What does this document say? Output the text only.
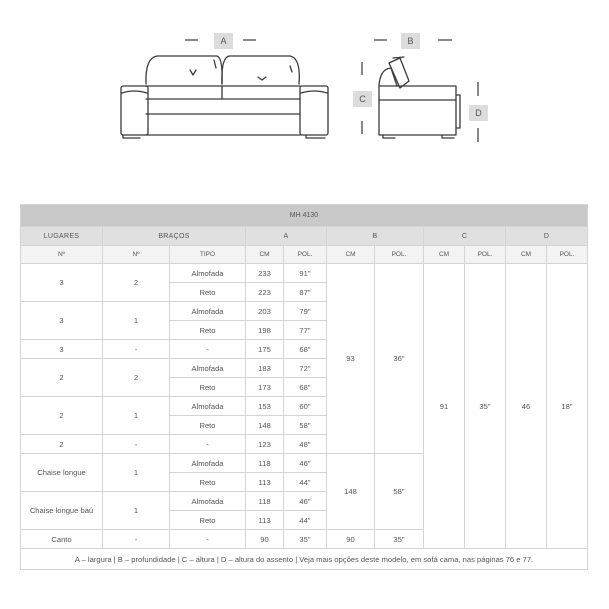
A	B
C
D
MH 4130										
LUGARES	BRAÇOS		A		B		C		D	
Nº	Nº	TIPO	CM	POL.	CM	POL.	CM	POL.	CM	POL.
3	2	Almofada	233	91"	93	36"	91	35"	46	18"
		Reto	223	87"						
3	1	Almofada	203	79"						
		Reto	198	77"						
3	-	-	175	68"						
2	2	Almofada	183	72"						
		Reto	173	68"						
2	1	Almofada	153	60"						
		Reto	148	58"						
2	-	-	123	48"						
Chaise longue	1	Almofada	118	46"	148	58"				
		Reto	113	44"						
Chaise longue baú	1	Almofada	118	46"						
		Reto	113	44"						
Canto	-	-	90	35"	90	35"				
A – largura | B – profundidade | C – altura | D – altura do assento | Veja mais opções deste modelo, em sofá cama, nas páginas 76 e 77.										
